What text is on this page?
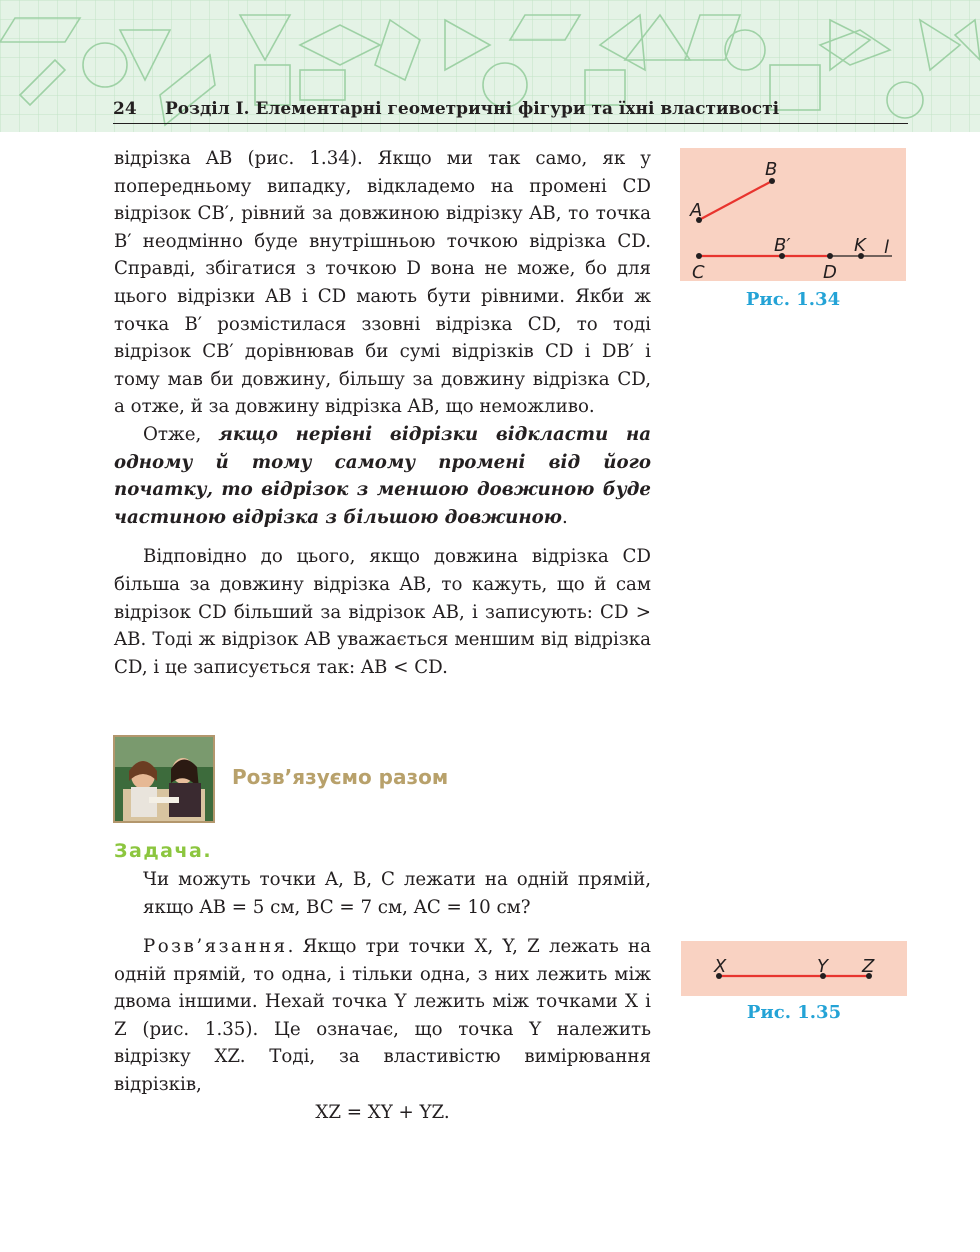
24 Розділ І. Елементарні геометричні фігури та їхні властивості

відрізка AB (рис. 1.34). Якщо ми так само, як у попередньому випадку, відкладемо на промені CD відрізок CB′, рівний за довжиною відрізку AB, то точка B′ неодмінно буде внутрішньою точкою відрізка CD. Справді, збігатися з точкою D вона не може, бо для цього відрізки AB і CD мають бути рівними. Якби ж точка B′ розмістилася ззовні відрізка CD, то тоді відрізок CB′ дорівнював би сумі відрізків CD і DB′ і тому мав би довжину, більшу за довжину відрізка CD, а отже, й за довжину відрізка AB, що неможливо.

Отже, якщо нерівні відрізки відкласти на одному й тому самому промені від його початку, то відрізок з меншою довжиною буде частиною відрізка з більшою довжиною.

Відповідно до цього, якщо довжина відрізка CD більша за довжину відрізка AB, то кажуть, що й сам відрізок CD більший за відрізок AB, і записують: CD > AB. Тоді ж відрізок AB уважається меншим від відрізка CD, і це записується так: AB < CD.

A
B
C
B′
D
K l
Рис. 1.34
Розв’язуємо разом
Задача.
Чи можуть точки A, B, C лежати на одній прямій, якщо AB = 5 см, BC = 7 см, AC = 10 см?

Розв’язання. Якщо три точки X, Y, Z лежать на одній прямій, то одна, і тільки одна, з них лежить між двома іншими. Нехай точка Y лежить між точками X і Z (рис. 1.35). Це означає, що точка Y належить відрізку XZ. Тоді, за властивістю вимірювання відрізків,

XZ = XY + YZ.

X	Y Z
Рис. 1.35
